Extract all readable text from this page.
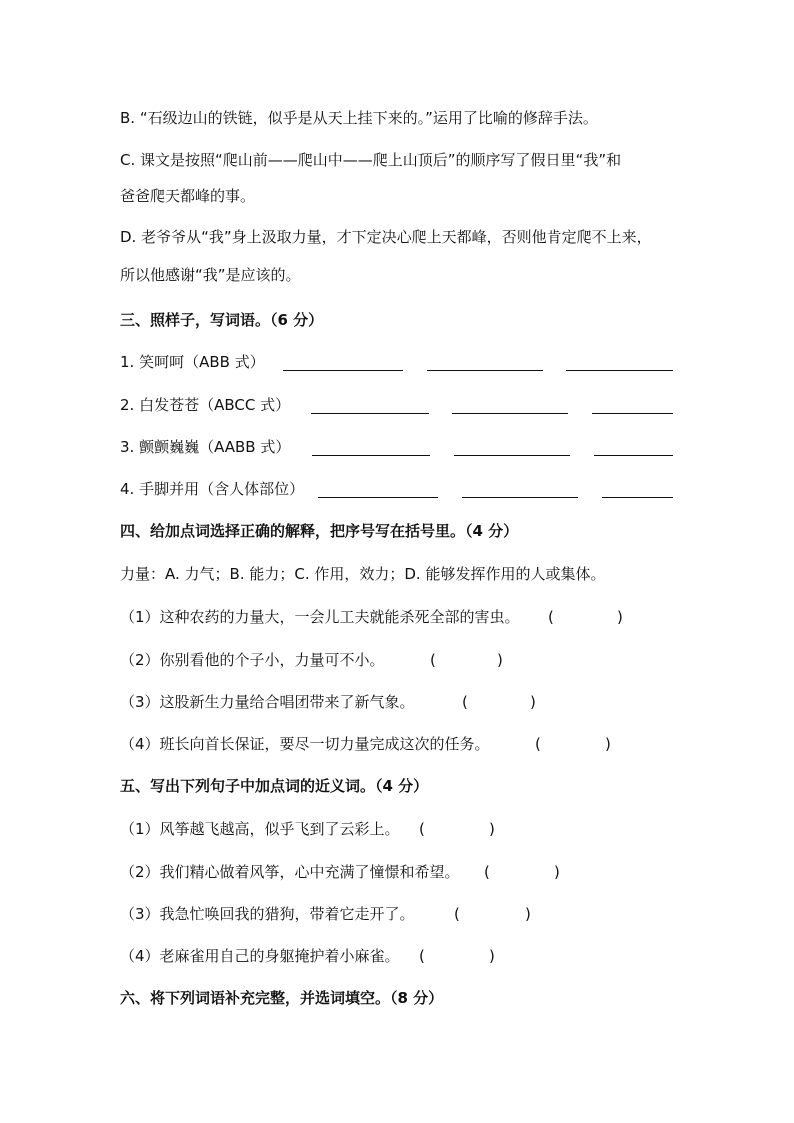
B. “石级边山的铁链，似乎是从天上挂下来的。”运用了比喻的修辞手法。
C. 课文是按照“爬山前——爬山中——爬上山顶后”的顺序写了假日里“我”和
爸爸爬天都峰的事。
D. 老爷爷从“我”身上汲取力量，才下定决心爬上天都峰，否则他肯定爬不上来，
所以他感谢“我”是应该的。
三、照样子，写词语。（6 分）
1. 笑呵呵（ABB 式）
2. 白发苍苍（ABCC 式）
3. 颤颤巍巍（AABB 式）
4. 手脚并用（含人体部位）
四、给加点词选择正确的解释，把序号写在括号里。（4 分）
力量：A. 力气；B. 能力；C. 作用，效力；D. 能够发挥作用的人或集体。
（1）这种农药的力量大，一会儿工夫就能杀死全部的害虫。 (	)
（2）你别看他的个子小，力量可不小。	(	)
（3）这股新生力量给合唱团带来了新气象。	(	)
（4）班长向首长保证，要尽一切力量完成这次的任务。	(	)
五、写出下列句子中加点词的近义词。（4 分）
（1）风筝越飞越高，似乎飞到了云彩上。 (	)
（2）我们精心做着风筝，心中充满了憧憬和希望。 (	)
（3）我急忙唤回我的猎狗，带着它走开了。	(	)
（4）老麻雀用自己的身躯掩护着小麻雀。 (	)
六、将下列词语补充完整，并选词填空。（8 分）
